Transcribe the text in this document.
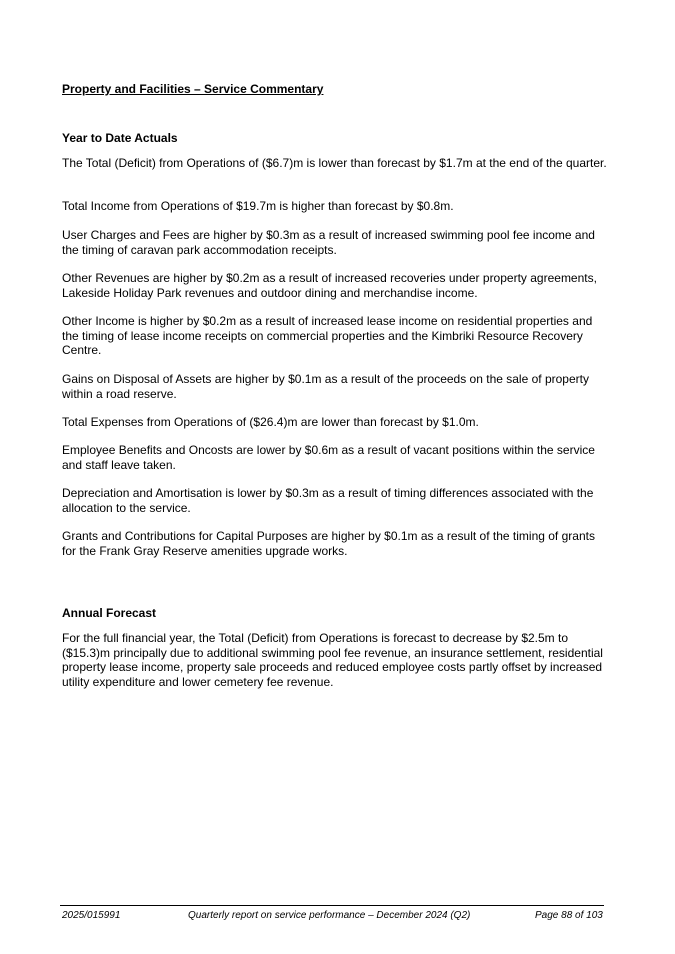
Property and Facilities – Service Commentary
Year to Date Actuals

The Total (Deficit) from Operations of ($6.7)m is lower than forecast by $1.7m at the end of the quarter.

Total Income from Operations of $19.7m is higher than forecast by $0.8m.

User Charges and Fees are higher by $0.3m as a result of increased swimming pool fee income and the timing of caravan park accommodation receipts.

Other Revenues are higher by $0.2m as a result of increased recoveries under property agreements, Lakeside Holiday Park revenues and outdoor dining and merchandise income.

Other Income is higher by $0.2m as a result of increased lease income on residential properties and the timing of lease income receipts on commercial properties and the Kimbriki Resource Recovery Centre.

Gains on Disposal of Assets are higher by $0.1m as a result of the proceeds on the sale of property within a road reserve.

Total Expenses from Operations of ($26.4)m are lower than forecast by $1.0m.

Employee Benefits and Oncosts are lower by $0.6m as a result of vacant positions within the service and staff leave taken.

Depreciation and Amortisation is lower by $0.3m as a result of timing differences associated with the allocation to the service.

Grants and Contributions for Capital Purposes are higher by $0.1m as a result of the timing of grants for the Frank Gray Reserve amenities upgrade works.

Annual Forecast

For the full financial year, the Total (Deficit) from Operations is forecast to decrease by $2.5m to ($15.3)m principally due to additional swimming pool fee revenue, an insurance settlement, residential property lease income, property sale proceeds and reduced employee costs partly offset by increased utility expenditure and lower cemetery fee revenue.

2025/015991	Quarterly report on service performance – December 2024 (Q2)	Page 88 of 103
